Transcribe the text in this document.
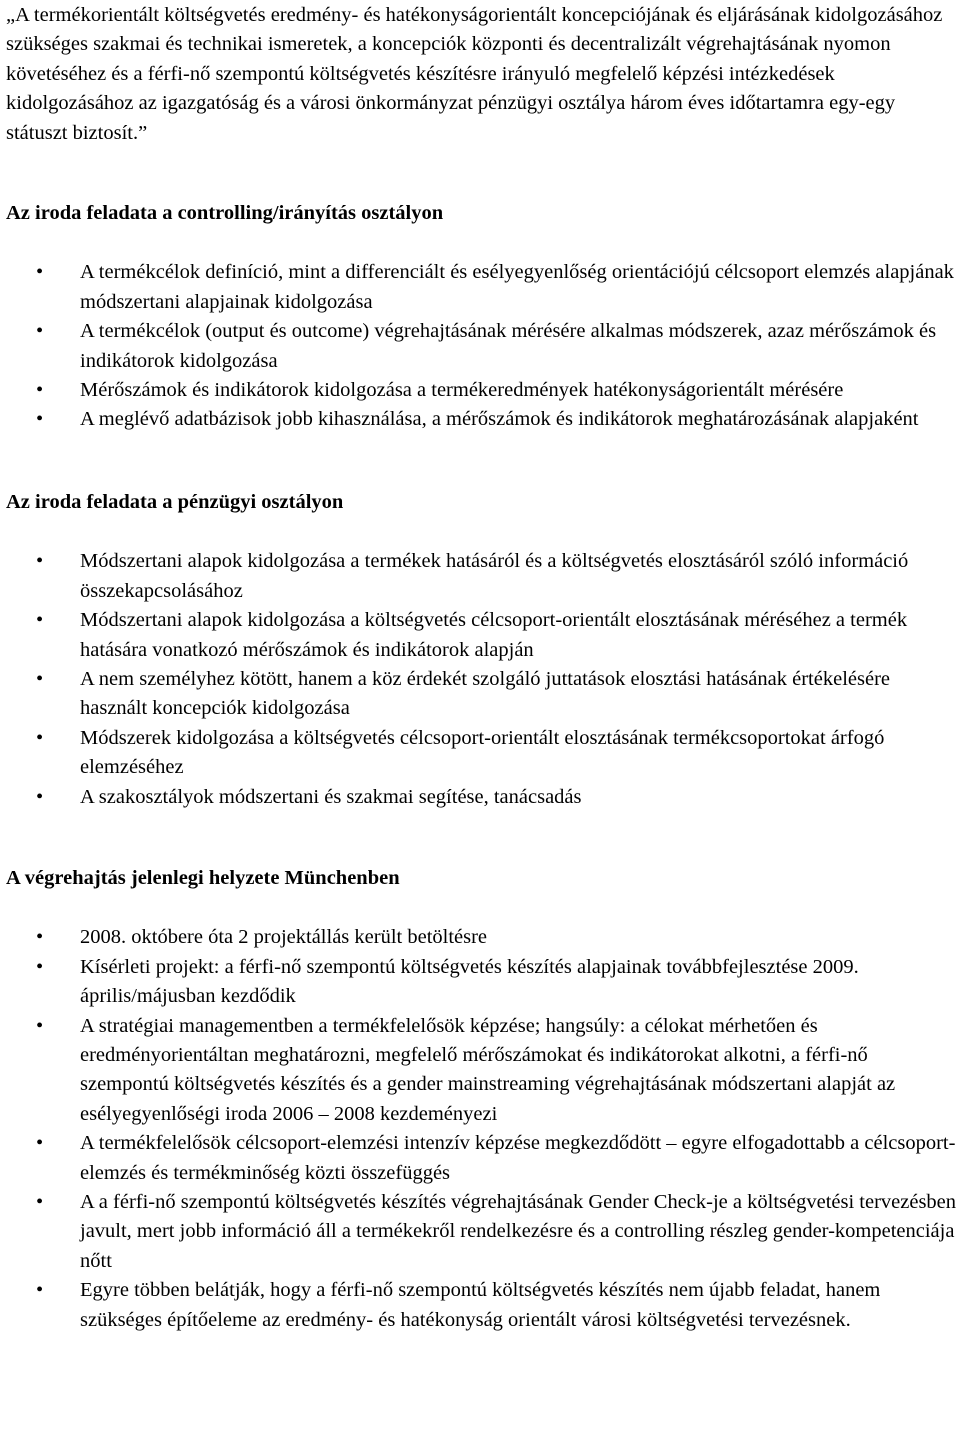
„A termékorientált költségvetés eredmény- és hatékonyságorientált koncepciójának és eljárásának kidolgozásához szükséges szakmai és technikai ismeretek, a koncepciók központi és decentralizált végrehajtásának nyomon követéséhez és a férfi-nő szempontú költségvetés készítésre irányuló megfelelő képzési intézkedések kidolgozásához az igazgatóság és a városi önkormányzat pénzügyi osztálya három éves időtartamra egy-egy státuszt biztosít.”

Az iroda feladata a controlling/irányítás osztályon
• A termékcélok definíció, mint a differenciált és esélyegyenlőség orientációjú célcsoport elemzés alapjának módszertani alapjainak kidolgozása
• A termékcélok (output és outcome) végrehajtásának mérésére alkalmas módszerek, azaz mérőszámok és indikátorok kidolgozása
• Mérőszámok és indikátorok kidolgozása a termékeredmények hatékonyságorientált mérésére
• A meglévő adatbázisok jobb kihasználása, a mérőszámok és indikátorok meghatározásának alapjaként
Az iroda feladata a pénzügyi osztályon
• Módszertani alapok kidolgozása a termékek hatásáról és a költségvetés elosztásáról szóló információ összekapcsolásához
• Módszertani alapok kidolgozása a költségvetés célcsoport-orientált elosztásának méréséhez a termék hatására vonatkozó mérőszámok és indikátorok alapján
• A nem személyhez kötött, hanem a köz érdekét szolgáló juttatások elosztási hatásának értékelésére használt koncepciók kidolgozása
• Módszerek kidolgozása a költségvetés célcsoport-orientált elosztásának termékcsoportokat árfogó elemzéséhez
• A szakosztályok módszertani és szakmai segítése, tanácsadás
A végrehajtás jelenlegi helyzete Münchenben
• 2008. októbere óta 2 projektállás került betöltésre
• Kísérleti projekt: a férfi-nő szempontú költségvetés készítés alapjainak továbbfejlesztése 2009. április/májusban kezdődik
• A stratégiai managementben a termékfelelősök képzése; hangsúly: a célokat mérhetően és eredményorientáltan meghatározni, megfelelő mérőszámokat és indikátorokat alkotni, a férfi-nő szempontú költségvetés készítés és a gender mainstreaming végrehajtásának módszertani alapját az esélyegyenlőségi iroda 2006 – 2008 kezdeményezi
• A termékfelelősök célcsoport-elemzési intenzív képzése megkezdődött – egyre elfogadottabb a célcsoport-elemzés és termékminőség közti összefüggés
• A a férfi-nő szempontú költségvetés készítés végrehajtásának Gender Check-je a költségvetési tervezésben javult, mert jobb információ áll a termékekről rendelkezésre és a controlling részleg gender-kompetenciája nőtt
• Egyre többen belátják, hogy a férfi-nő szempontú költségvetés készítés nem újabb feladat, hanem szükséges építőeleme az eredmény- és hatékonyság orientált városi költségvetési tervezésnek.
